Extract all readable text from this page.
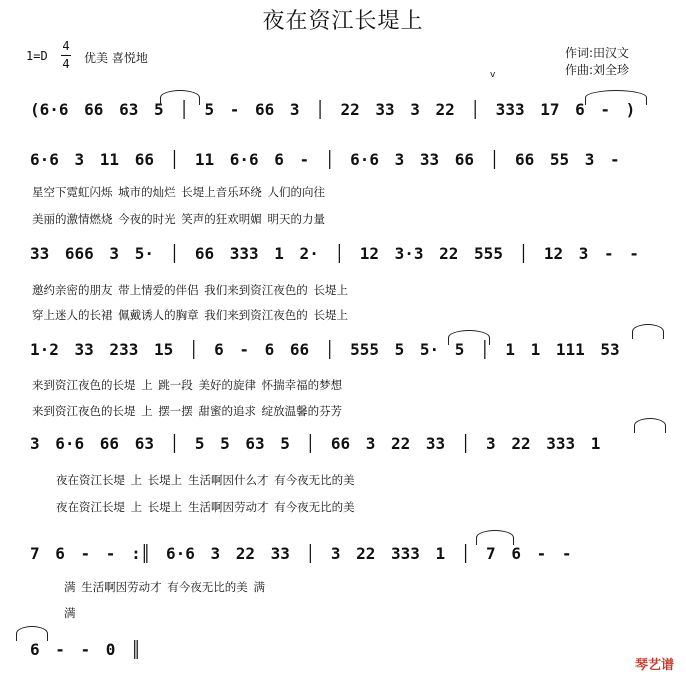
夜在资江长堤上
1=D
4
4 优美 喜悦地	作词:田汉文
作曲:刘全珍
v
(6·6 66 63 5 │ 5 - 66 3 │ 22 33 3 22 │ 333 17 6 - )
6·6 3 11 66 │ 11 6·6 6 - │ 6·6 3 33 66 │ 66 55 3 -
星空下霓虹闪烁 城市的灿烂 长堤上音乐环绕 人们的向往
美丽的激情燃烧 今夜的时光 笑声的狂欢明媚 明天的力量
33 666 3 5· │ 66 333 1 2· │ 12 3·3 22 555 │ 12 3 - -
邀约亲密的朋友 带上情爱的伴侣 我们来到资江夜色的 长堤上
穿上迷人的长裙 佩戴诱人的胸章 我们来到资江夜色的 长堤上
1·2 33 233 15 │ 6 - 6 66 │ 555 5 5· 5 │ 1 1 111 53
来到资江夜色的长堤 上 跳一段 美好的旋律 怀揣幸福的梦想
来到资江夜色的长堤 上 摆一摆 甜蜜的追求 绽放温馨的芬芳
3 6·6 66 63 │ 5 5 63 5 │ 66 3 22 33 │ 3 22 333 1
夜在资江长堤 上 长堤上 生活啊因什么才 有今夜无比的美
夜在资江长堤 上 长堤上 生活啊因劳动才 有今夜无比的美
7 6 - - :║ 6·6 3 22 33 │ 3 22 333 1 │ 7 6 - -
满 生活啊因劳动才 有今夜无比的美 满
满
6 - - 0 ║
琴艺谱
